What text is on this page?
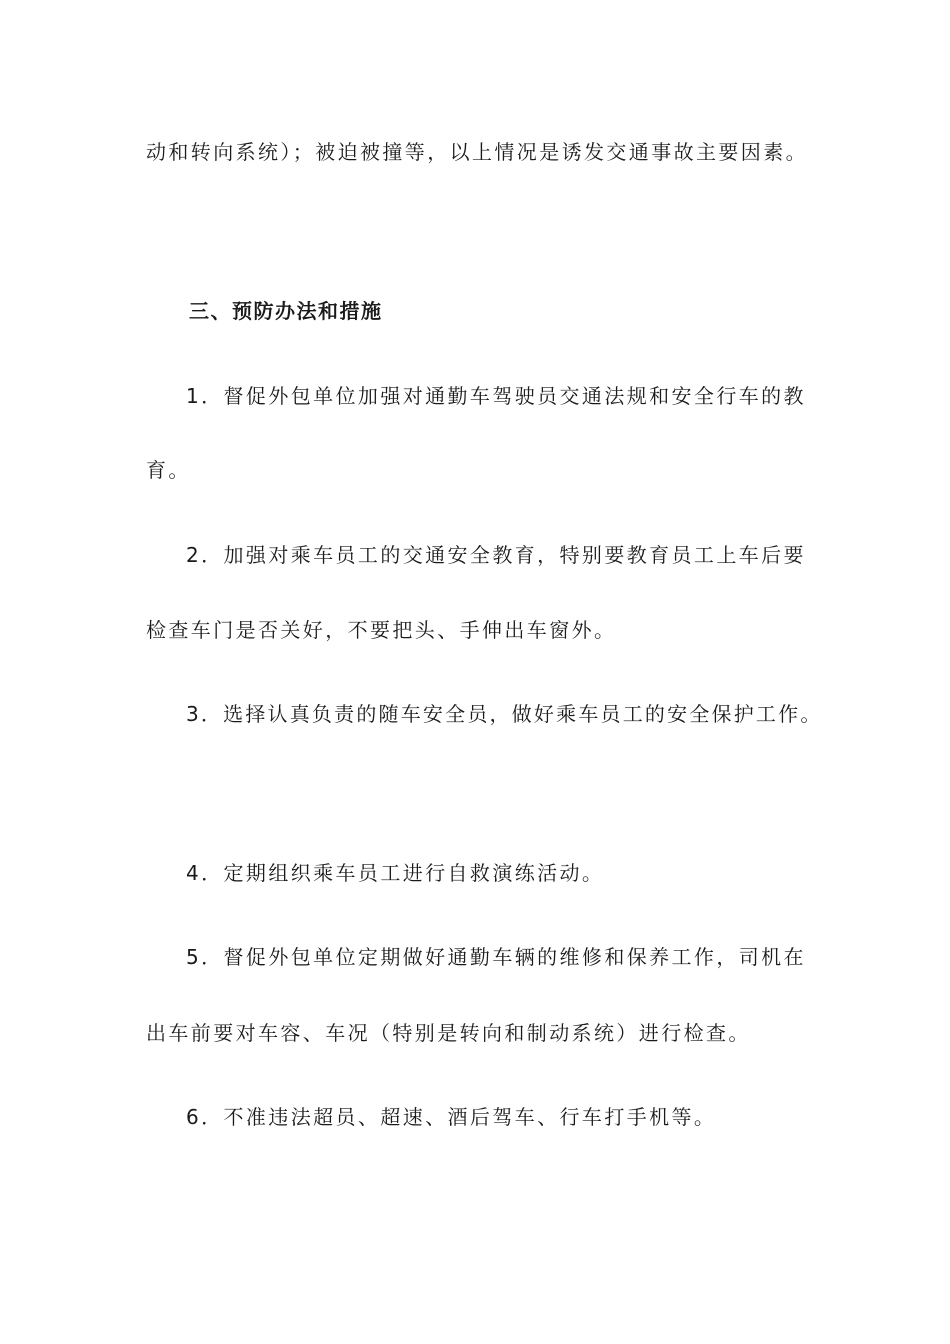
动和转向系统）；被迫被撞等，以上情况是诱发交通事故主要因素。
三、预防办法和措施
1．督促外包单位加强对通勤车驾驶员交通法规和安全行车的教
育。
2．加强对乘车员工的交通安全教育，特别要教育员工上车后要
检查车门是否关好，不要把头、手伸出车窗外。
3．选择认真负责的随车安全员，做好乘车员工的安全保护工作。
4．定期组织乘车员工进行自救演练活动。
5．督促外包单位定期做好通勤车辆的维修和保养工作，司机在
出车前要对车容、车况（特别是转向和制动系统）进行检查。
6．不准违法超员、超速、酒后驾车、行车打手机等。
